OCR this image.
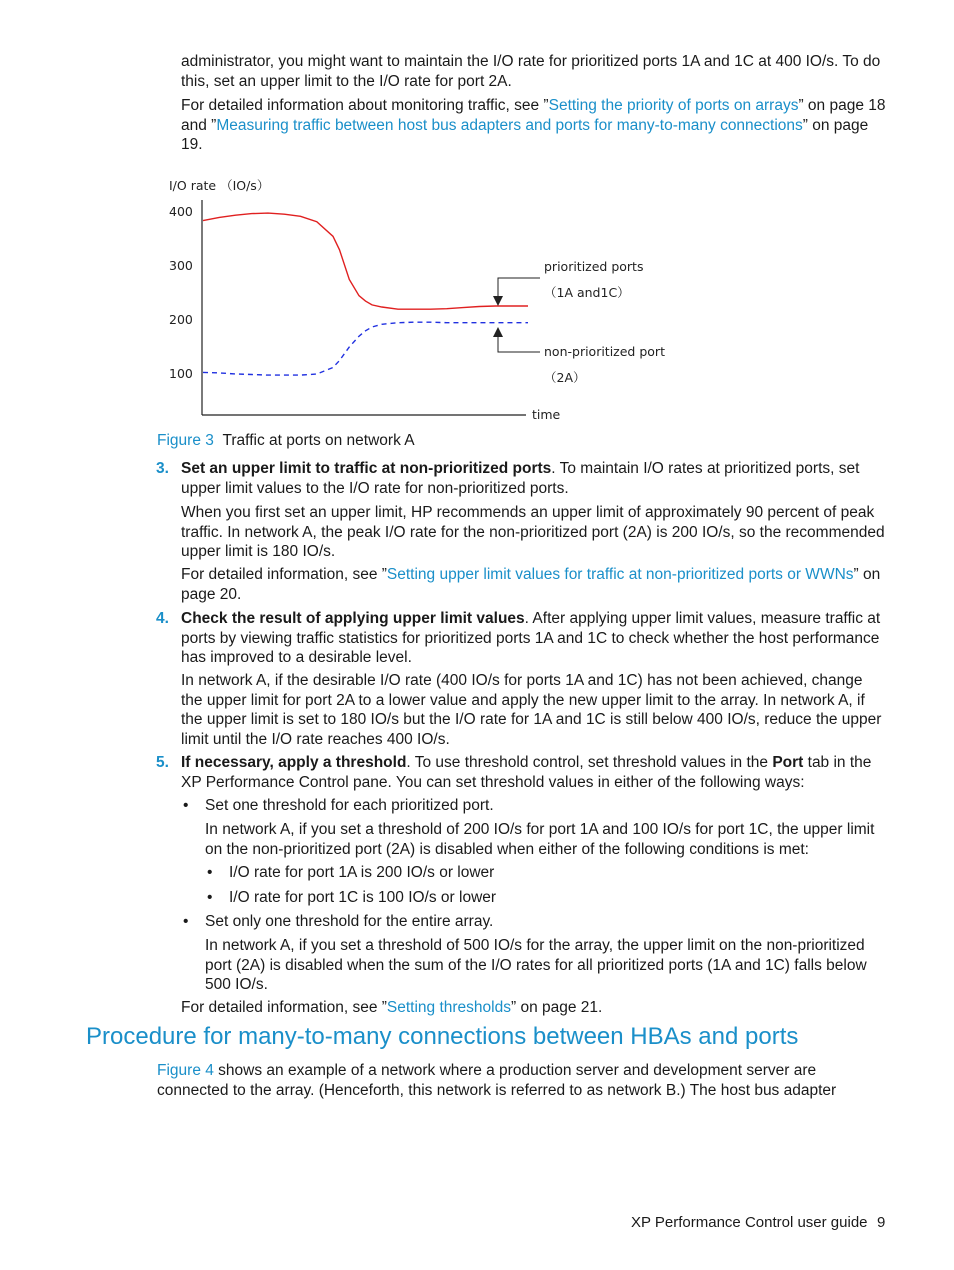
administrator, you might want to maintain the I/O rate for prioritized ports 1A and 1C at 400 IO/s. To do this, set an upper limit to the I/O rate for port 2A.

For detailed information about monitoring traffic, see ”Setting the priority of ports on arrays” on page 18 and ”Measuring traffic between host bus adapters and ports for many-to-many connections” on page 19.

I/O rate （IO/s）
400
300
200
100
time
prioritized ports
（1A and1C）
non-prioritized port
（2A）

Figure 3 Traffic at ports on network A

3. Set an upper limit to traffic at non-prioritized ports. To maintain I/O rates at prioritized ports, set upper limit values to the I/O rate for non-prioritized ports.

When you first set an upper limit, HP recommends an upper limit of approximately 90 percent of peak traffic. In network A, the peak I/O rate for the non-prioritized port (2A) is 200 IO/s, so the recommended upper limit is 180 IO/s.

For detailed information, see ”Setting upper limit values for traffic at non-prioritized ports or WWNs” on page 20.

4. Check the result of applying upper limit values. After applying upper limit values, measure traffic at ports by viewing traffic statistics for prioritized ports 1A and 1C to check whether the host performance has improved to a desirable level.

In network A, if the desirable I/O rate (400 IO/s for ports 1A and 1C) has not been achieved, change the upper limit for port 2A to a lower value and apply the new upper limit to the array. In network A, if the upper limit is set to 180 IO/s but the I/O rate for 1A and 1C is still below 400 IO/s, reduce the upper limit until the I/O rate reaches 400 IO/s.

5. If necessary, apply a threshold. To use threshold control, set threshold values in the Port tab in the XP Performance Control pane. You can set threshold values in either of the following ways:

• Set one threshold for each prioritized port.

In network A, if you set a threshold of 200 IO/s for port 1A and 100 IO/s for port 1C, the upper limit on the non-prioritized port (2A) is disabled when either of the following conditions is met:

• I/O rate for port 1A is 200 IO/s or lower

• I/O rate for port 1C is 100 IO/s or lower

• Set only one threshold for the entire array.

In network A, if you set a threshold of 500 IO/s for the array, the upper limit on the non-prioritized port (2A) is disabled when the sum of the I/O rates for all prioritized ports (1A and 1C) falls below 500 IO/s.

For detailed information, see ”Setting thresholds” on page 21.

Procedure for many-to-many connections between HBAs and ports

Figure 4 shows an example of a network where a production server and development server are connected to the array. (Henceforth, this network is referred to as network B.) The host bus adapter

XP Performance Control user guide 9
